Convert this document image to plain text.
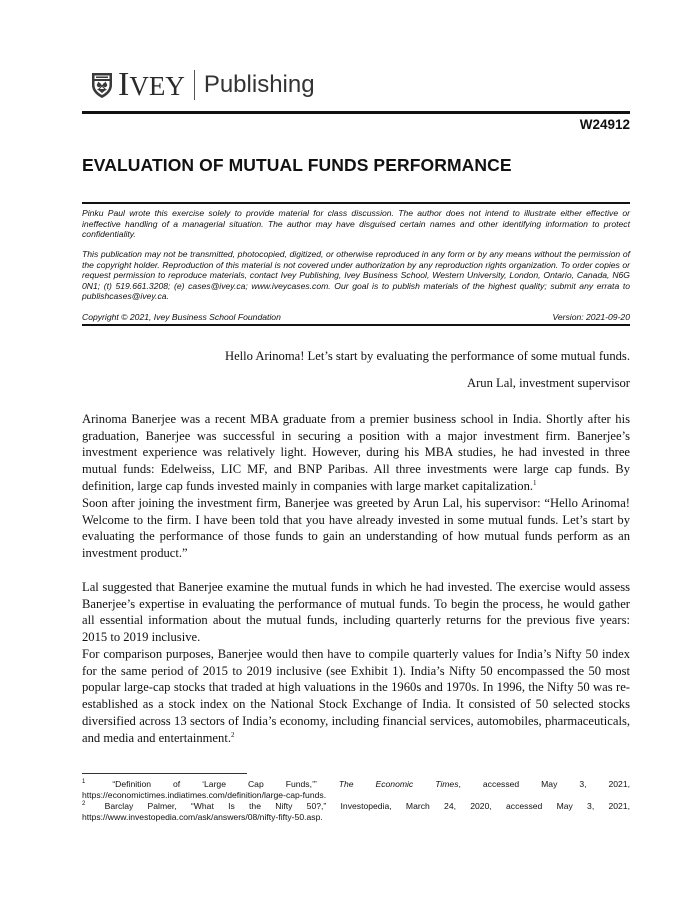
IVEY Publishing
W24912
EVALUATION OF MUTUAL FUNDS PERFORMANCE
Pinku Paul wrote this exercise solely to provide material for class discussion. The author does not intend to illustrate either effective or ineffective handling of a managerial situation. The author may have disguised certain names and other identifying information to protect confidentiality.
This publication may not be transmitted, photocopied, digitized, or otherwise reproduced in any form or by any means without the permission of the copyright holder. Reproduction of this material is not covered under authorization by any reproduction rights organization. To order copies or request permission to reproduce materials, contact Ivey Publishing, Ivey Business School, Western University, London, Ontario, Canada, N6G 0N1; (t) 519.661.3208; (e) cases@ivey.ca; www.iveycases.com. Our goal is to publish materials of the highest quality; submit any errata to publishcases@ivey.ca.
Copyright © 2021, Ivey Business School Foundation	Version: 2021-09-20
Hello Arinoma! Let’s start by evaluating the performance of some mutual funds.
Arun Lal, investment supervisor
Arinoma Banerjee was a recent MBA graduate from a premier business school in India. Shortly after his graduation, Banerjee was successful in securing a position with a major investment firm. Banerjee’s investment experience was relatively light. However, during his MBA studies, he had invested in three mutual funds: Edelweiss, LIC MF, and BNP Paribas. All three investments were large cap funds. By definition, large cap funds invested mainly in companies with large market capitalization.$^1$
Soon after joining the investment firm, Banerjee was greeted by Arun Lal, his supervisor: “Hello Arinoma! Welcome to the firm. I have been told that you have already invested in some mutual funds. Let’s start by evaluating the performance of those funds to gain an understanding of how mutual funds perform as an investment product.”
Lal suggested that Banerjee examine the mutual funds in which he had invested. The exercise would assess Banerjee’s expertise in evaluating the performance of mutual funds. To begin the process, he would gather all essential information about the mutual funds, including quarterly returns for the previous five years: 2015 to 2019 inclusive.
For comparison purposes, Banerjee would then have to compile quarterly values for India’s Nifty 50 index for the same period of 2015 to 2019 inclusive (see Exhibit 1). India’s Nifty 50 encompassed the 50 most popular large-cap stocks that traded at high valuations in the 1960s and 1970s. In 1996, the Nifty 50 was re-established as a stock index on the National Stock Exchange of India. It consisted of 50 selected stocks diversified across 13 sectors of India’s economy, including financial services, automobiles, pharmaceuticals, and media and entertainment.$^2$
$^1$	“Definition of ‘Large Cap Funds,’”	The Economic Times, accessed May 3, 2021,
https://economictimes.indiatimes.com/definition/large-cap-funds.
$^2$ Barclay Palmer, “What Is the Nifty 50?,” Investopedia, March 24, 2020, accessed May 3, 2021,
https://www.investopedia.com/ask/answers/08/nifty-fifty-50.asp.
